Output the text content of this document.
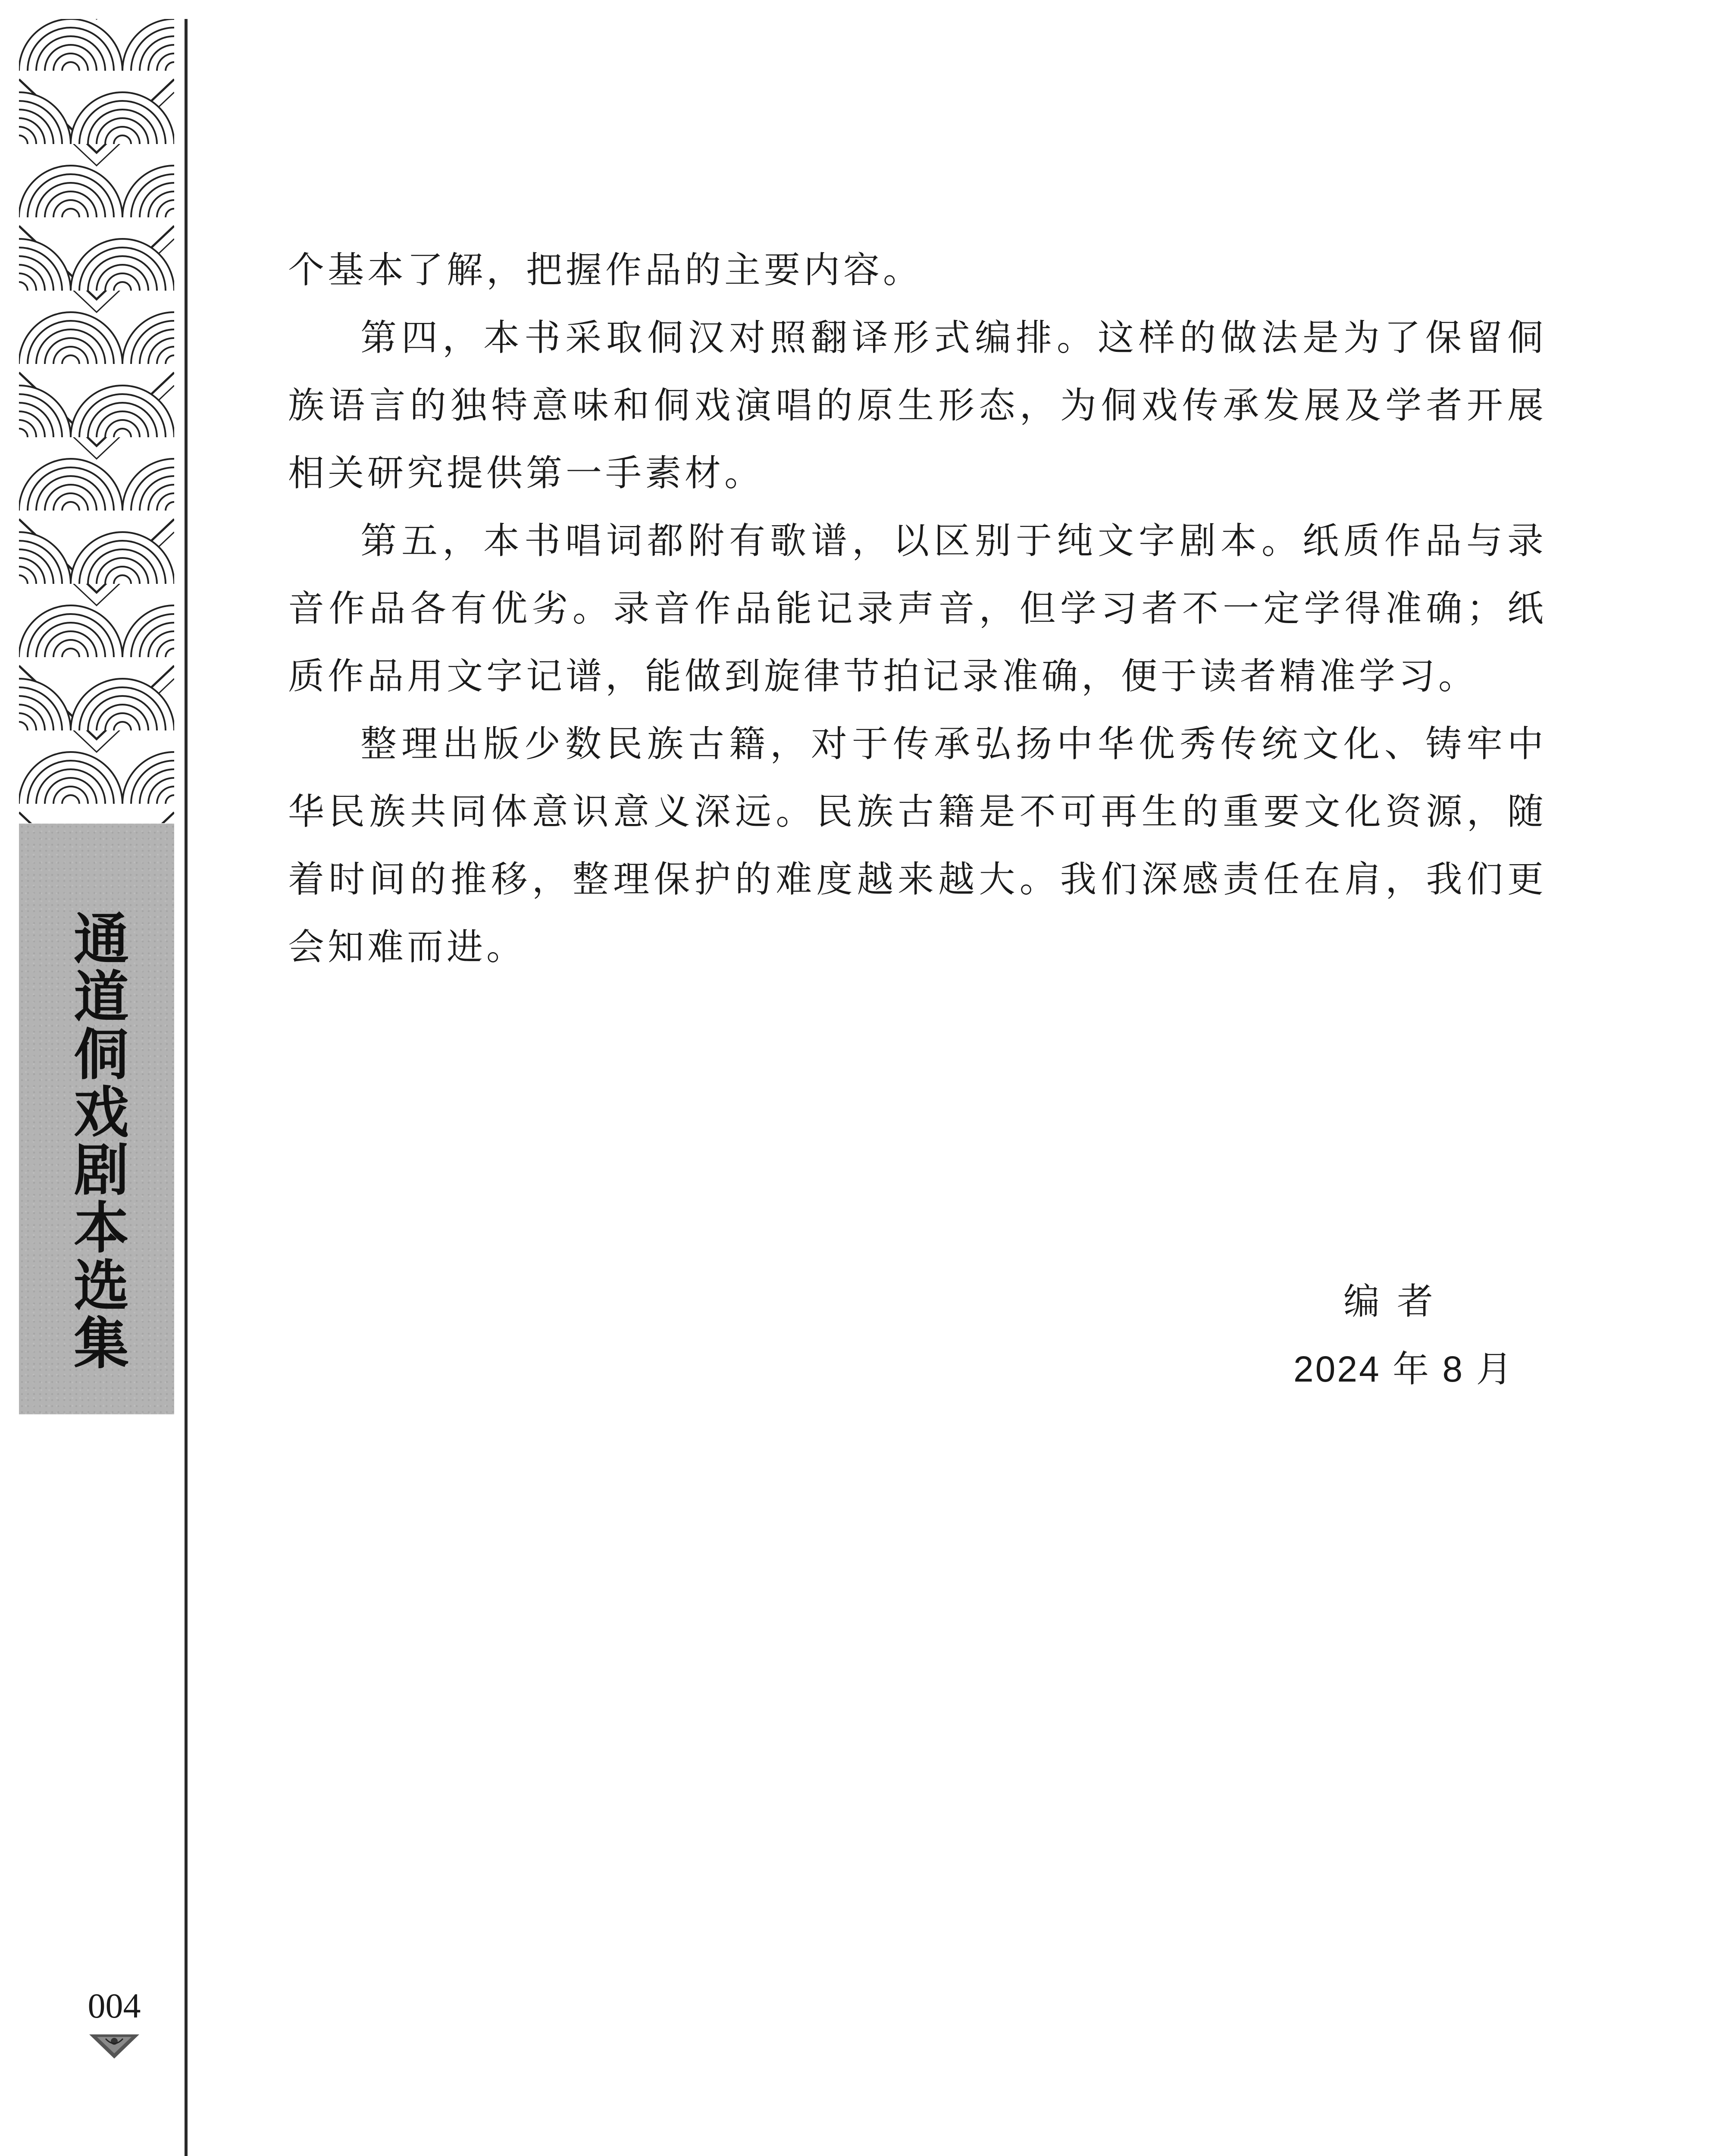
通道侗戏剧本选集
004

个基本了解，把握作品的主要内容。

第四，本书采取侗汉对照翻译形式编排。这样的做法是为了保留侗族语言的独特意味和侗戏演唱的原生形态，为侗戏传承发展及学者开展相关研究提供第一手素材。

第五，本书唱词都附有歌谱，以区别于纯文字剧本。纸质作品与录音作品各有优劣。录音作品能记录声音，但学习者不一定学得准确；纸质作品用文字记谱，能做到旋律节拍记录准确，便于读者精准学习。

整理出版少数民族古籍，对于传承弘扬中华优秀传统文化、铸牢中华民族共同体意识意义深远。民族古籍是不可再生的重要文化资源，随着时间的推移，整理保护的难度越来越大。我们深感责任在肩，我们更会知难而进。

编者
2024 年 8 月
